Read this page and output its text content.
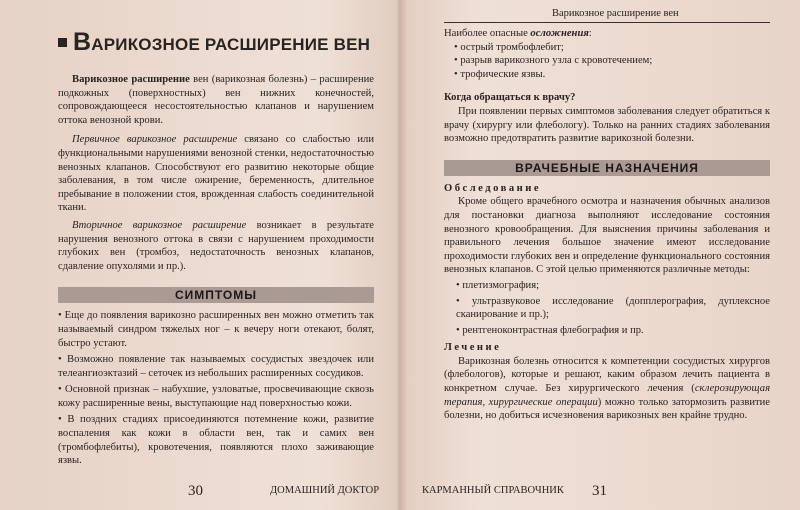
ВАРИКОЗНОЕ РАСШИРЕНИЕ ВЕН

Варикозное расширение вен (варикозная болезнь) – расширение подкожных (поверхностных) вен нижних конечностей, сопровождающееся несостоятельностью клапанов и нарушением оттока венозной крови.

Первичное варикозное расширение связано со слабостью или функциональными нарушениями венозной стенки, недостаточностью венозных клапанов. Способствуют его развитию некоторые общие заболевания, в том числе ожирение, беременность, длительное пребывание в положении стоя, врожденная слабость соединительной ткани.

Вторичное варикозное расширение возникает в результате нарушения венозного оттока в связи с нарушением проходимости глубоких вен (тромбоз, недостаточность венозных клапанов, сдавление опухолями и пр.).

СИМПТОМЫ

• Еще до появления варикозно расширенных вен можно отметить так называемый синдром тяжелых ног – к вечеру ноги отекают, болят, быстро устают.

• Возможно появление так называемых сосудистых звездочек или телеангиоэктазий – сеточек из небольших расширенных сосудиков.

• Основной признак – набухшие, узловатые, просвечивающие сквозь кожу расширенные вены, выступающие над поверхностью кожи.

• В поздних стадиях присоединяются потемнение кожи, развитие воспаления как кожи в области вен, так и самих вен (тромбофлебиты), кровотечения, появляются плохо заживающие язвы.

30	ДОМАШНИЙ ДОКТОР
Варикозное расширение вен

Наиболее опасные осложнения:

• острый тромбофлебит;
• разрыв варикозного узла с кровотечением;
• трофические язвы.

Когда обращаться к врачу?

При появлении первых симптомов заболевания следует обратиться к врачу (хирургу или флебологу). Только на ранних стадиях заболевания возможно предотвратить развитие варикозной болезни.

ВРАЧЕБНЫЕ НАЗНАЧЕНИЯ

Обследование

Кроме общего врачебного осмотра и назначения обычных анализов для постановки диагноза выполняют исследование состояния венозного кровообращения. Для выяснения причины заболевания и правильного лечения большое значение имеют исследование проходимости глубоких вен и определение функционального состояния венозных клапанов. С этой целью применяются различные методы:

• плетизмография;

• ультразвуковое исследование (допплерография, дуплексное сканирование и пр.);

• рентгеноконтрастная флебография и пр.

Лечение

Варикозная болезнь относится к компетенции сосудистых хирургов (флебологов), которые и решают, каким образом лечить пациента в конкретном случае. Без хирургического лечения (склерозирующая терапия, хирургические операции) можно только затормозить развитие болезни, но добиться исчезновения варикозных вен крайне трудно.

КАРМАННЫЙ СПРАВОЧНИК 31
